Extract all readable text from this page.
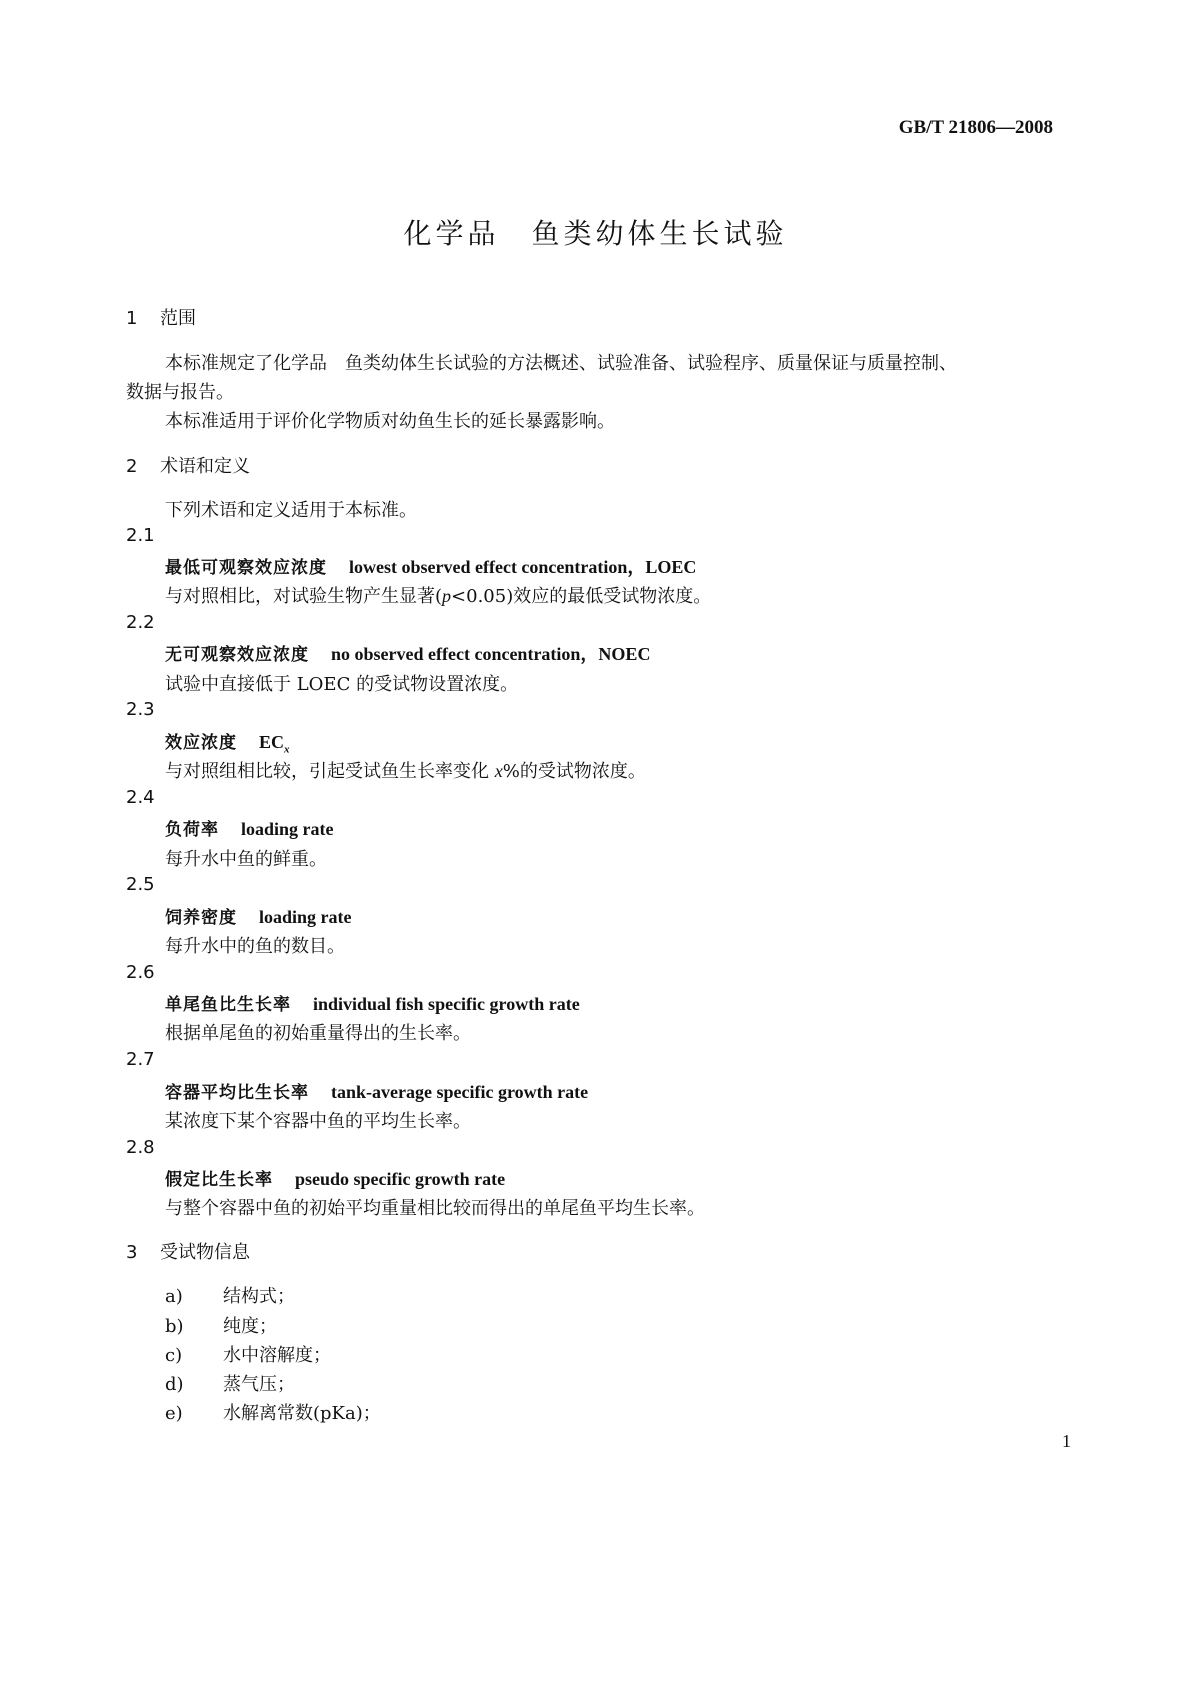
GB/T 21806—2008
化学品　鱼类幼体生长试验
1 范围
本标准规定了化学品　鱼类幼体生长试验的方法概述、试验准备、试验程序、质量保证与质量控制、
数据与报告。
本标准适用于评价化学物质对幼鱼生长的延长暴露影响。
2 术语和定义
下列术语和定义适用于本标准。
2.1
最低可观察效应浓度 lowest observed effect concentration，LOEC
与对照相比，对试验生物产生显著(p<0.05)效应的最低受试物浓度。
2.2
无可观察效应浓度 no observed effect concentration，NOEC
试验中直接低于 LOEC 的受试物设置浓度。
2.3
效应浓度 $EC_x$
与对照组相比较，引起受试鱼生长率变化 x%的受试物浓度。
2.4
负荷率 loading rate
每升水中鱼的鲜重。
2.5
饲养密度 loading rate
每升水中的鱼的数目。
2.6
单尾鱼比生长率 individual fish specific growth rate
根据单尾鱼的初始重量得出的生长率。
2.7
容器平均比生长率 tank-average specific growth rate
某浓度下某个容器中鱼的平均生长率。
2.8
假定比生长率 pseudo specific growth rate
与整个容器中鱼的初始平均重量相比较而得出的单尾鱼平均生长率。
3 受试物信息
a) 结构式；
b) 纯度；
c) 水中溶解度；
d) 蒸气压；
e) 水解离常数(pKa)；
1
